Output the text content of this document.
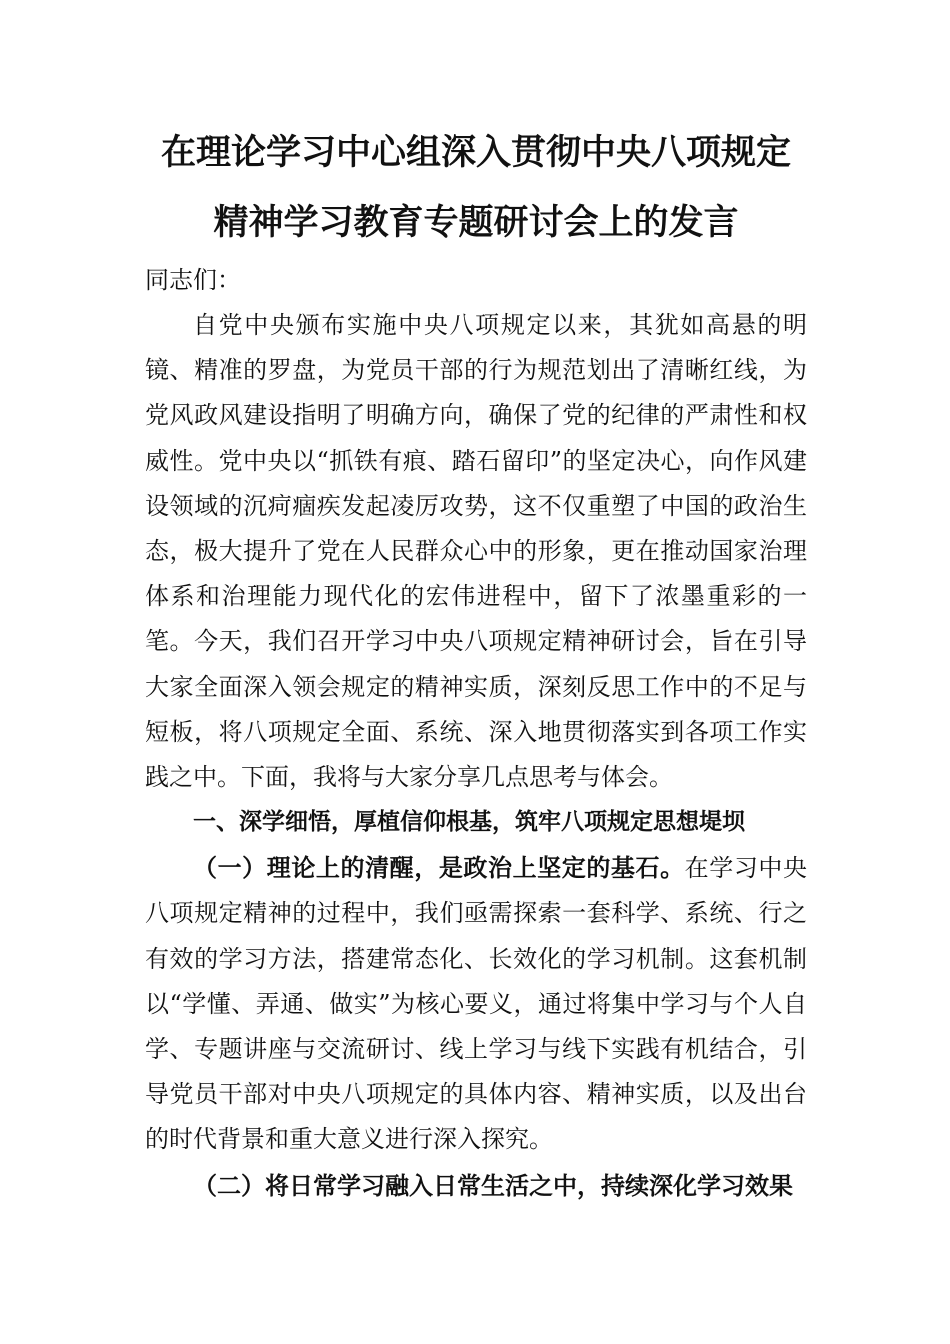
在理论学习中心组深入贯彻中央八项规定
精神学习教育专题研讨会上的发言

同志们：

自党中央颁布实施中央八项规定以来，其犹如高悬的明镜、精准的罗盘，为党员干部的行为规范划出了清晰红线，为党风政风建设指明了明确方向，确保了党的纪律的严肃性和权威性。党中央以“抓铁有痕、踏石留印”的坚定决心，向作风建设领域的沉疴痼疾发起凌厉攻势，这不仅重塑了中国的政治生态，极大提升了党在人民群众心中的形象，更在推动国家治理体系和治理能力现代化的宏伟进程中，留下了浓墨重彩的一笔。今天，我们召开学习中央八项规定精神研讨会，旨在引导大家全面深入领会规定的精神实质，深刻反思工作中的不足与短板，将八项规定全面、系统、深入地贯彻落实到各项工作实践之中。下面，我将与大家分享几点思考与体会。

一、深学细悟，厚植信仰根基，筑牢八项规定思想堤坝

（一）理论上的清醒，是政治上坚定的基石。在学习中央八项规定精神的过程中，我们亟需探索一套科学、系统、行之有效的学习方法，搭建常态化、长效化的学习机制。这套机制以“学懂、弄通、做实”为核心要义，通过将集中学习与个人自学、专题讲座与交流研讨、线上学习与线下实践有机结合，引导党员干部对中央八项规定的具体内容、精神实质，以及出台的时代背景和重大意义进行深入探究。

（二）将日常学习融入日常生活之中，持续深化学习效果
